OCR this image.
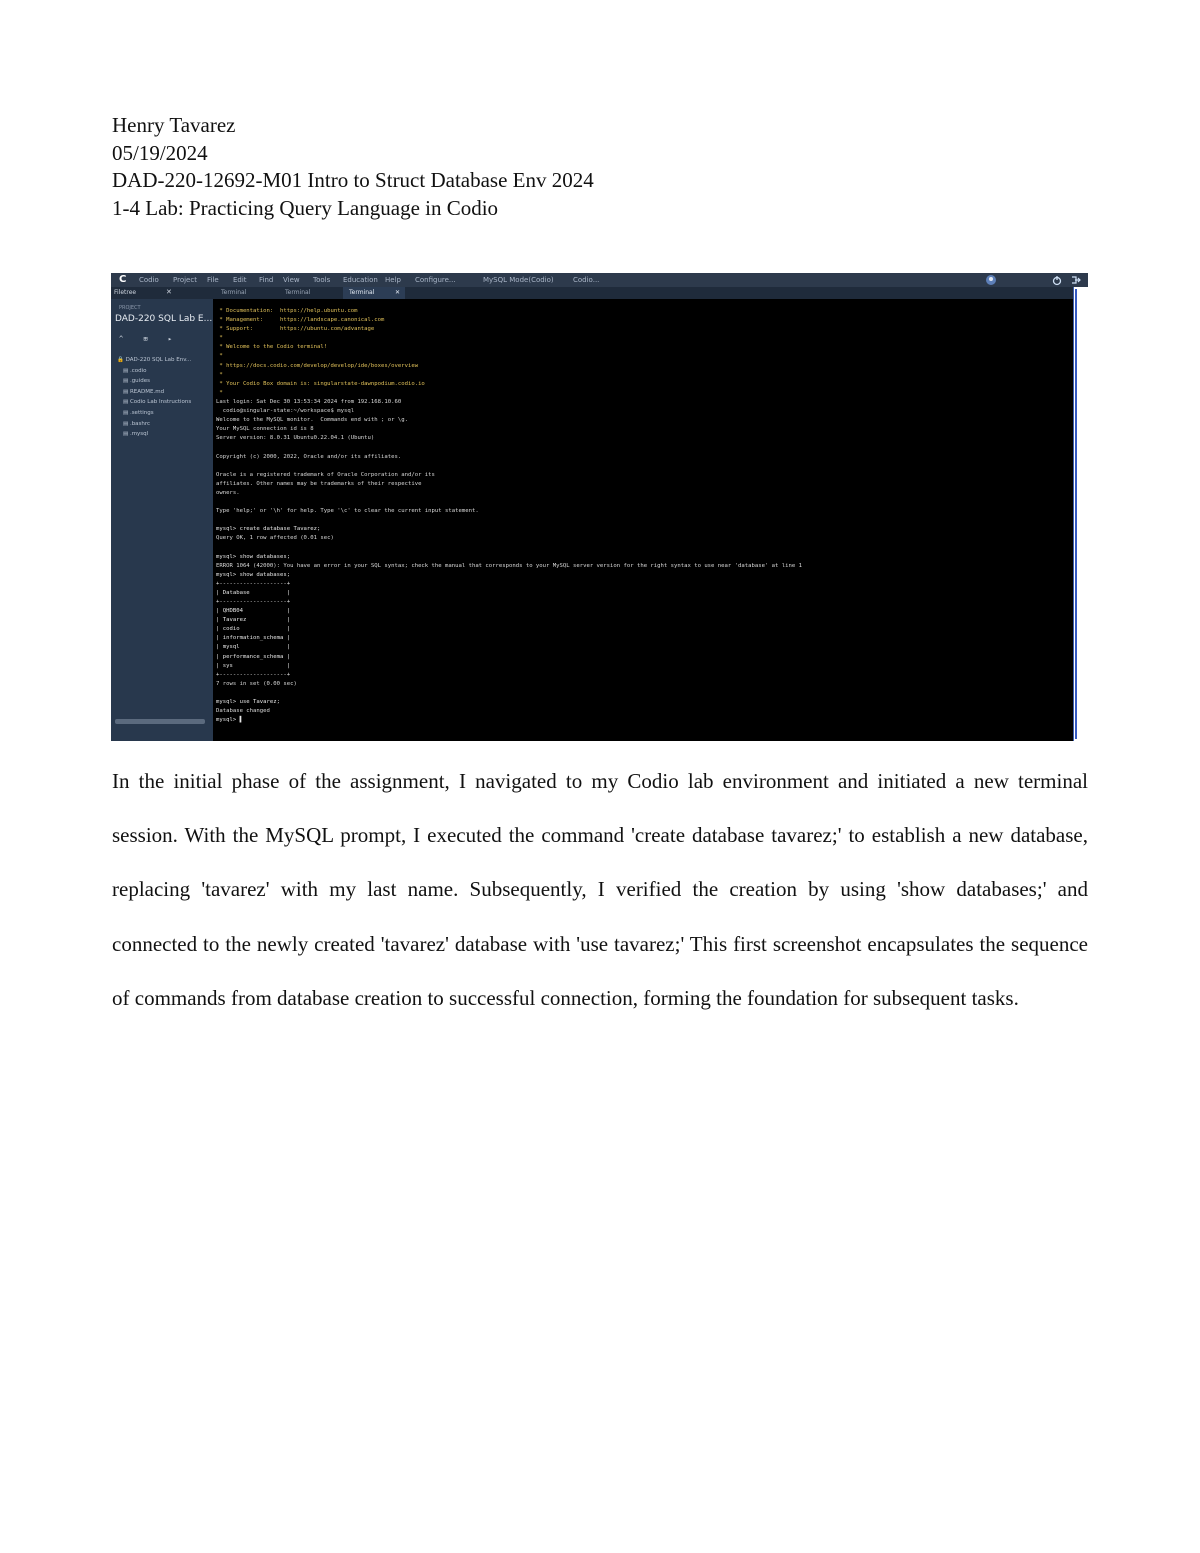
Henry Tavarez
05/19/2024
DAD-220-12692-M01 Intro to Struct Database Env 2024
1-4 Lab: Practicing Query Language in Codio
C Codio Project File Edit Find View Tools Education Help Configure...	MySQL Mode(Codio)	Codio...
Filetree	✕
PROJECT
DAD-220 SQL Lab E...
^ ⊞ ▸
🔒 DAD-220 SQL Lab Env...
▤ .codio
▤ .guides
▤ README.md
▤ Codio Lab Instructions
▤ .settings
▤ .bashrc
▤ .mysql
Terminal	Terminal	Terminal	✕
* Documentation:  https://help.ubuntu.com
* Management:     https://landscape.canonical.com
* Support:        https://ubuntu.com/advantage
*
* Welcome to the Codio terminal!
*
* https://docs.codio.com/develop/develop/ide/boxes/overview
*
* Your Codio Box domain is: singularstate-dawnpodium.codio.io
*
Last login: Sat Dec 30 13:53:34 2024 from 192.168.10.60
codio@singular-state:~/workspace$ mysql
Welcome to the MySQL monitor.  Commands end with ; or \g.
Your MySQL connection id is 8
Server version: 8.0.31 Ubuntu0.22.04.1 (Ubuntu)

Copyright (c) 2000, 2022, Oracle and/or its affiliates.

Oracle is a registered trademark of Oracle Corporation and/or its
affiliates. Other names may be trademarks of their respective
owners.

Type 'help;' or '\h' for help. Type '\c' to clear the current input statement.

mysql> create database Tavarez;
Query OK, 1 row affected (0.01 sec)

mysql> show databases;
ERROR 1064 (42000): You have an error in your SQL syntax; check the manual that corresponds to your MySQL server version for the right syntax to use near 'database' at line 1
mysql> show databases;
+--------------------+
| Database           |
+--------------------+
| QHDB04             |
| Tavarez            |
| codio              |
| information_schema |
| mysql              |
| performance_schema |
| sys                |
+--------------------+
7 rows in set (0.00 sec)

mysql> use Tavarez;
Database changed
mysql> ▌
In the initial phase of the assignment, I navigated to my Codio lab environment and initiated a new terminal session. With the MySQL prompt, I executed the command 'create database tavarez;' to establish a new database, replacing 'tavarez' with my last name. Subsequently, I verified the creation by using 'show databases;' and connected to the newly created 'tavarez' database with 'use tavarez;' This first screenshot encapsulates the sequence of commands from database creation to successful connection, forming the foundation for subsequent tasks.
